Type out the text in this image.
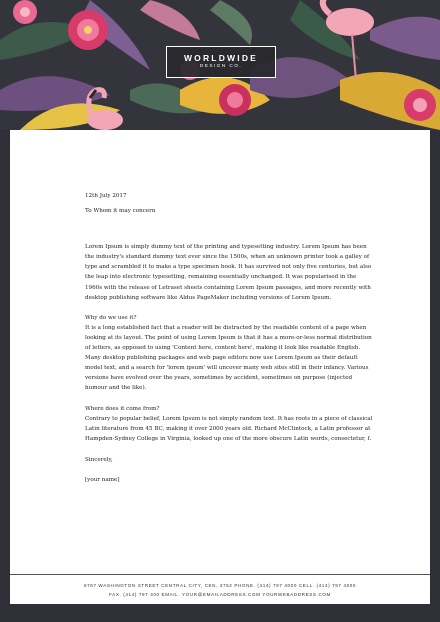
WORLDWIDE
DESIGN CO.

12th July 2017

To Whom it may concern

Lorem Ipsum is simply dummy text of the printing and typesetting industry. Lorem Ipsum has been the industry's standard dummy text ever since the 1500s, when an unknown printer took a galley of type and scrambled it to make a type specimen book. It has survived not only five centuries, but also the leap into electronic typesetting, remaining essentially unchanged. It was popularised in the 1960s with the release of Letraset sheets containing Lorem Ipsum passages, and more recently with desktop publishing software like Aldus PageMaker including versions of Lorem Ipsum.

Why do we use it?
It is a long established fact that a reader will be distracted by the readable content of a page when looking at its layout. The point of using Lorem Ipsum is that it has a more-or-less normal distribution of letters, as opposed to using 'Content here, content here', making it look like readable English. Many desktop publishing packages and web page editors now use Lorem Ipsum as their default model text, and a search for 'lorem ipsum' will uncover many web sites still in their infancy. Various versions have evolved over the years, sometimes by accident, sometimes on purpose (injected humour and the like).

Where does it come from?
Contrary to popular belief, Lorem Ipsum is not simply random text. It has roots in a piece of classical Latin literature from 45 BC, making it over 2000 years old. Richard McClintock, a Latin professor at Hampden-Sydney College in Virginia, looked up one of the more obscure Latin words, consectetur, f.

Sincerely,

[your name]

6767 WASHINGTON STREET CENTRAL CITY, CEN, 3752 PHONE. (414) 797 4000 CELL. (414) 797 4000
FAX. (414) 797 400 EMAIL. YOUR@EMAILADDRESS.COM YOURWEBADDRESS.COM
